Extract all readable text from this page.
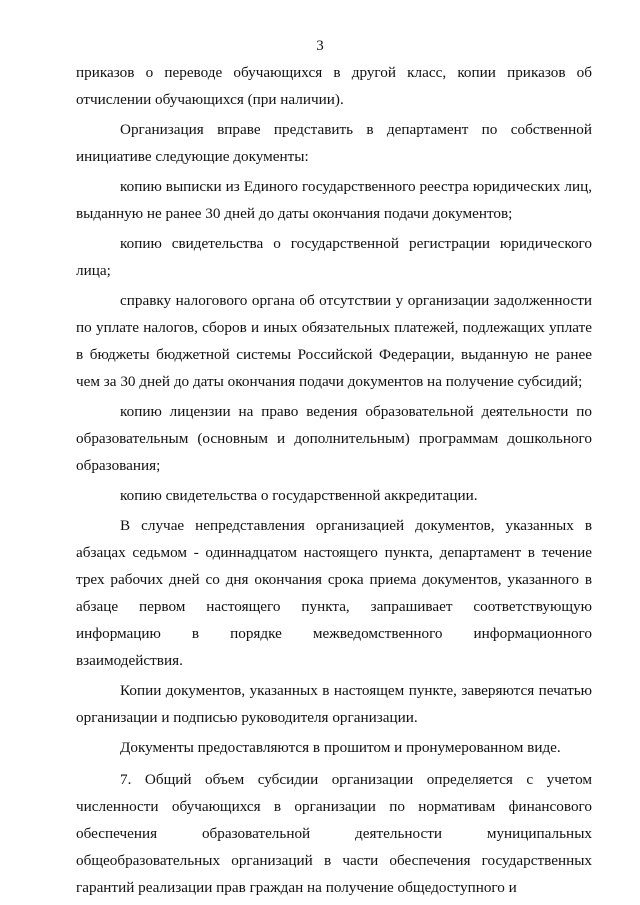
3

приказов о переводе обучающихся в другой класс, копии приказов об отчислении обучающихся (при наличии).

Организация вправе представить в департамент по собственной инициативе следующие документы:

копию выписки из Единого государственного реестра юридических лиц, выданную не ранее 30 дней до даты окончания подачи документов;

копию свидетельства о государственной регистрации юридического лица;

справку налогового органа об отсутствии у организации задолженности по уплате налогов, сборов и иных обязательных платежей, подлежащих уплате в бюджеты бюджетной системы Российской Федерации, выданную не ранее чем за 30 дней до даты окончания подачи документов на получение субсидий;

копию лицензии на право ведения образовательной деятельности по образовательным (основным и дополнительным) программам дошкольного образования;

копию свидетельства о государственной аккредитации.

В случае непредставления организацией документов, указанных в абзацах седьмом - одиннадцатом настоящего пункта, департамент в течение трех рабочих дней со дня окончания срока приема документов, указанного в абзаце первом настоящего пункта, запрашивает соответствующую информацию в порядке межведомственного информационного взаимодействия.

Копии документов, указанных в настоящем пункте, заверяются печатью организации и подписью руководителя организации.

Документы предоставляются в прошитом и пронумерованном виде.

7. Общий объем субсидии организации определяется с учетом численности обучающихся в организации по нормативам финансового обеспечения образовательной деятельности муниципальных общеобразовательных организаций в части обеспечения государственных гарантий реализации прав граждан на получение общедоступного и
